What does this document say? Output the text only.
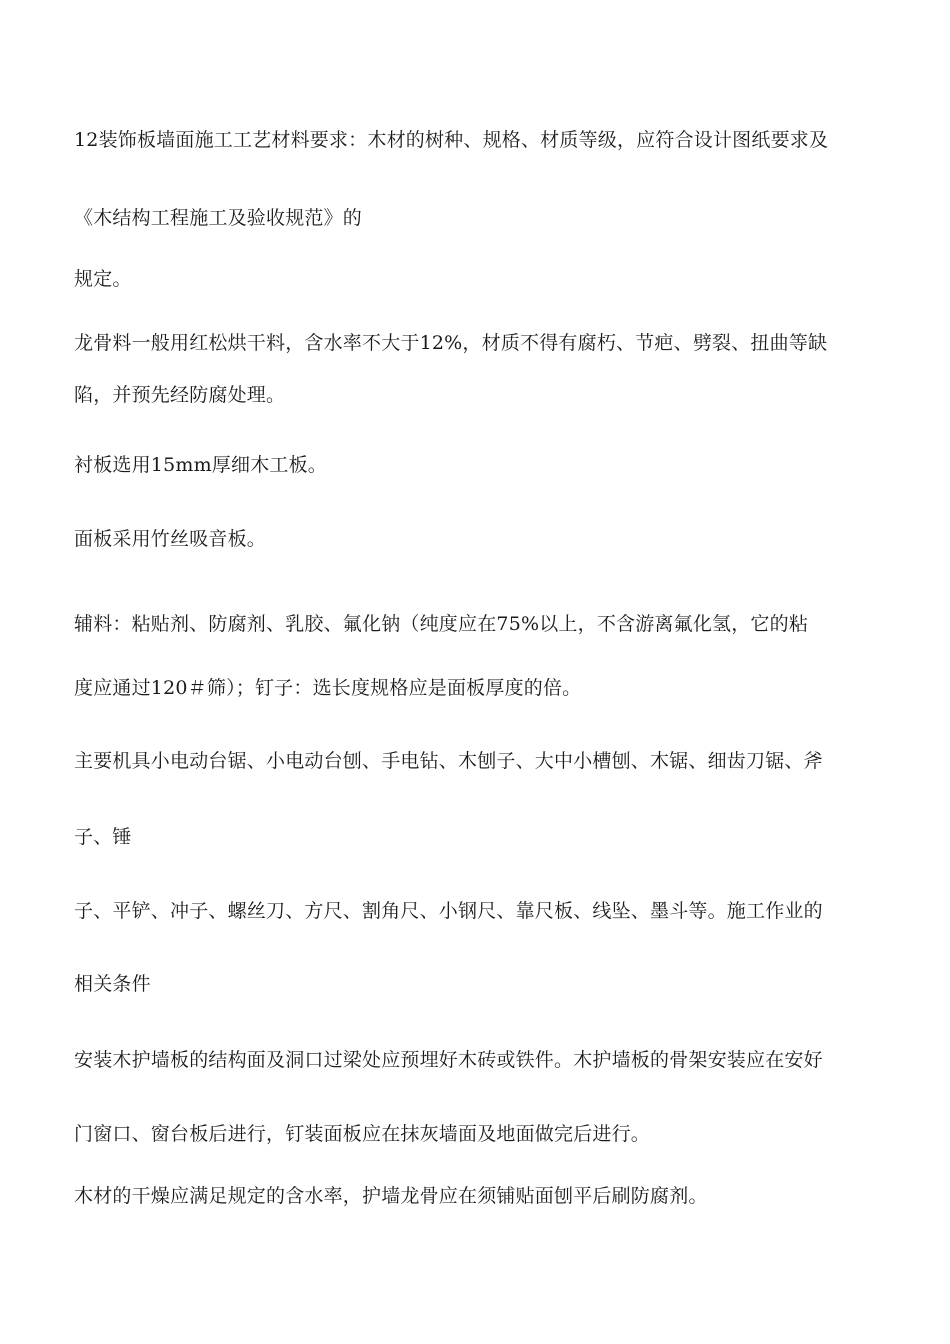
12装饰板墙面施工工艺材料要求：木材的树种、规格、材质等级，应符合设计图纸要求及

《木结构工程施工及验收规范》的

规定。

龙骨料一般用红松烘干料，含水率不大于12%，材质不得有腐朽、节疤、劈裂、扭曲等缺

陷，并预先经防腐处理。

衬板选用15mm厚细木工板。

面板采用竹丝吸音板。

辅料：粘贴剂、防腐剂、乳胶、氟化钠（纯度应在75%以上，不含游离氟化氢，它的粘

度应通过120＃筛）；钉子：选长度规格应是面板厚度的倍。

主要机具小电动台锯、小电动台刨、手电钻、木刨子、大中小槽刨、木锯、细齿刀锯、斧

子、锤

子、平铲、冲子、螺丝刀、方尺、割角尺、小钢尺、靠尺板、线坠、墨斗等。施工作业的

相关条件

安装木护墙板的结构面及洞口过梁处应预埋好木砖或铁件。木护墙板的骨架安装应在安好

门窗口、窗台板后进行，钉装面板应在抹灰墙面及地面做完后进行。

木材的干燥应满足规定的含水率，护墙龙骨应在须铺贴面刨平后刷防腐剂。
